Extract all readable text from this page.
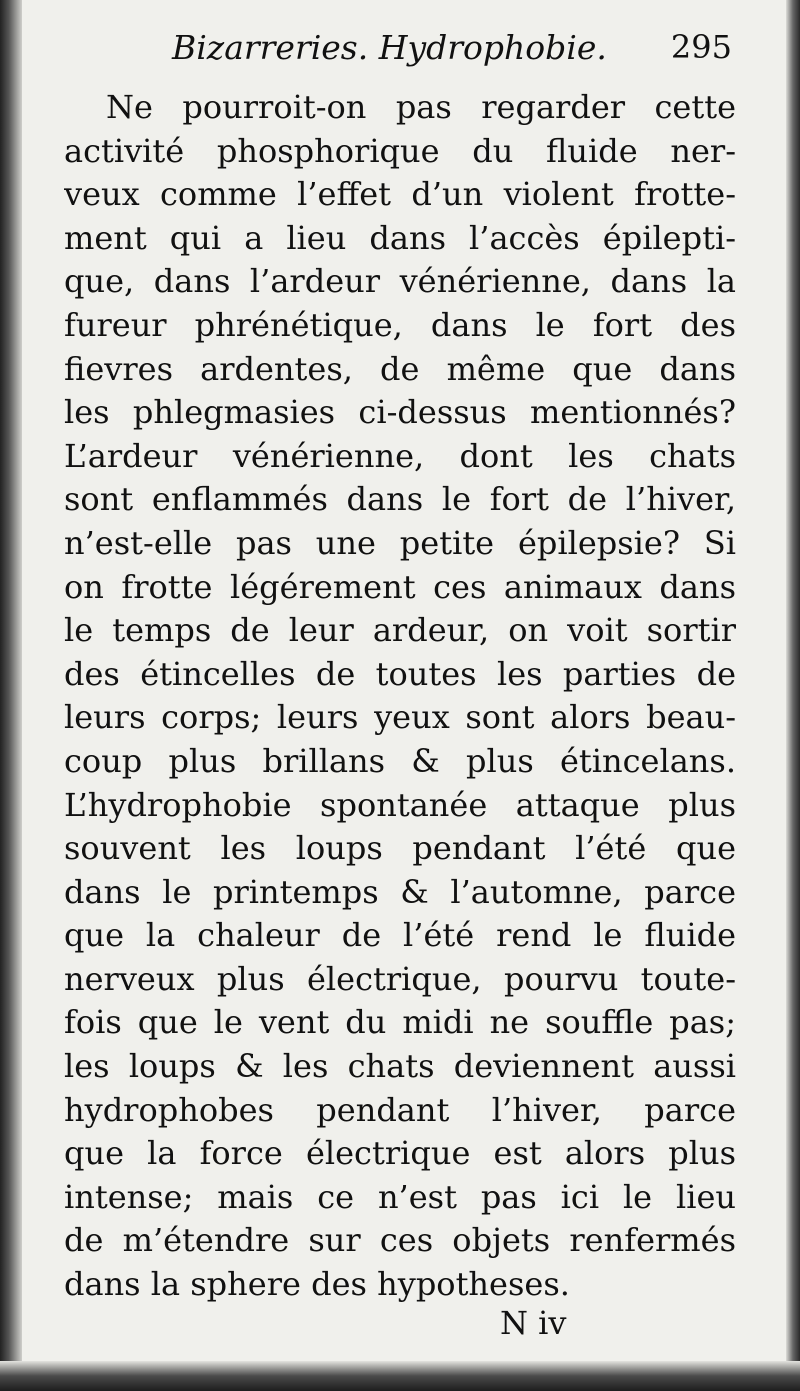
Bizarreries. Hydrophobie. 295
Ne pourroit-on pas regarder cette
activité phosphorique du fluide ner-
veux comme l’effet d’un violent frotte-
ment qui a lieu dans l’accès épilepti-
que, dans l’ardeur vénérienne, dans la
fureur phrénétique, dans le fort des
fievres ardentes, de même que dans
les phlegmasies ci-dessus mentionnés?
L’ardeur vénérienne, dont les chats
sont enflammés dans le fort de l’hiver,
n’est-elle pas une petite épilepsie? Si
on frotte légérement ces animaux dans
le temps de leur ardeur, on voit sortir
des étincelles de toutes les parties de
leurs corps; leurs yeux sont alors beau-
coup plus brillans & plus étincelans.
L’hydrophobie spontanée attaque plus
souvent les loups pendant l’été que
dans le printemps & l’automne, parce
que la chaleur de l’été rend le fluide
nerveux plus électrique, pourvu toute-
fois que le vent du midi ne souffle pas;
les loups & les chats deviennent aussi
hydrophobes pendant l’hiver, parce
que la force électrique est alors plus
intense; mais ce n’est pas ici le lieu
de m’étendre sur ces objets renfermés
dans la sphere des hypotheses.
N iv
